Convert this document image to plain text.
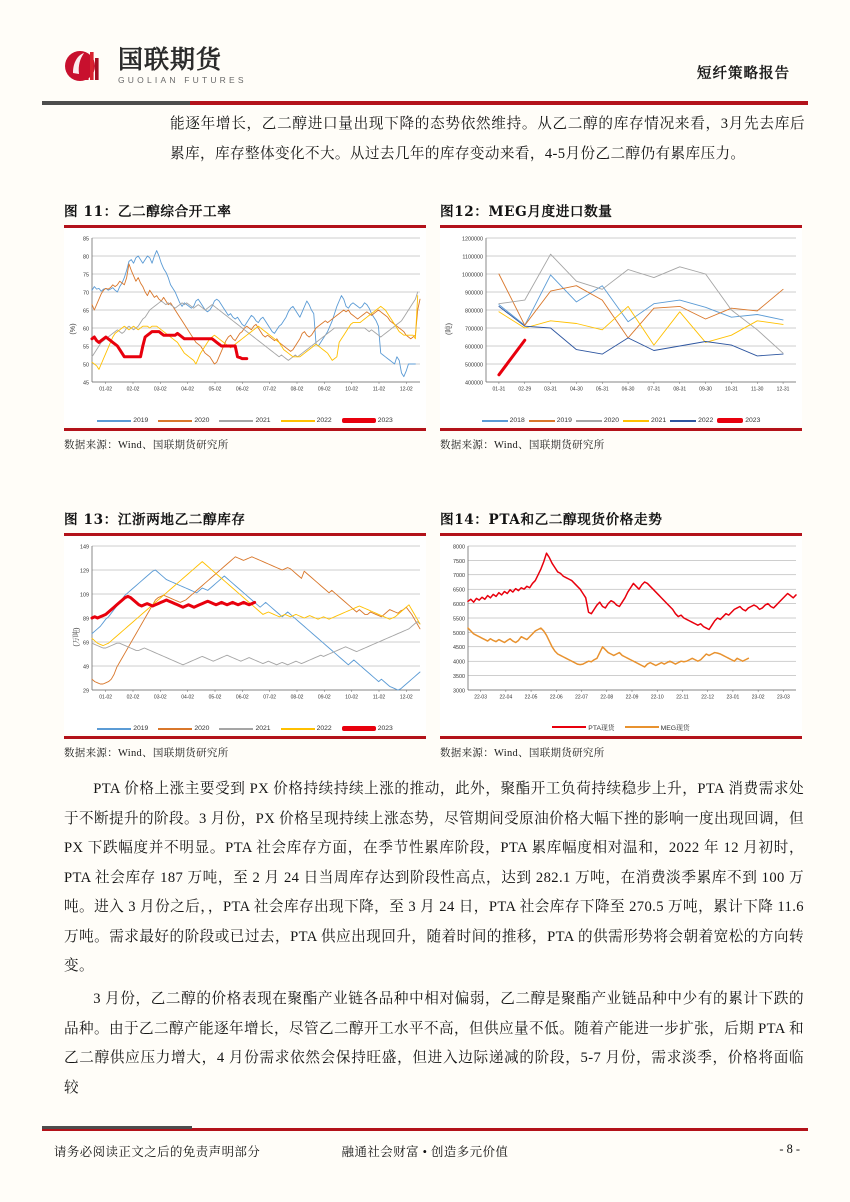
国联期货
GUOLIAN FUTURES	短纤策略报告
能逐年增长，乙二醇进口量出现下降的态势依然维持。从乙二醇的库存情况来看，3月先去库后累库，库存整体变化不大。从过去几年的库存变动来看，4-5月份乙二醇仍有累库压力。
图 11：乙二醇综合开工率
(%)
45
50
55
60
65
70
75
80
85
01-02	02-02	03-02	04-02	05-02	06-02	07-02	08-02	09-02	10-02	11-02	12-02
2019	2020	2021	2022	2023
数据来源：Wind、国联期货研究所
图12：MEG月度进口数量
(吨)
400000
500000
600000
700000
800000
900000
1000000
1100000
1200000
01-31	02-29	03-31	04-30	05-31	06-30	07-31	08-31	09-30	10-31	11-30	12-31
2018	2019	2020	2021	2022	2023
数据来源：Wind、国联期货研究所
图 13：江浙两地乙二醇库存
(万吨)
29
49
69
89
109
129
149
01-02	02-02	03-02	04-02	05-02	06-02	07-02	08-02	09-02	10-02	11-02	12-02
2019	2020	2021	2022	2023
数据来源：Wind、国联期货研究所
图14：PTA和乙二醇现货价格走势
3000
3500
4000
4500
5000
5500
6000
6500
7000
7500
8000
22-03 22-04 22-05 22-06 22-07 22-08 22-09 22-10	22-11	22-12 23-01 23-02 23-03
PTA现货	MEG现货
数据来源：Wind、国联期货研究所
PTA 价格上涨主要受到 PX 价格持续持续上涨的推动，此外，聚酯开工负荷持续稳步上升，PTA 消费需求处于不断提升的阶段。3 月份，PX 价格呈现持续上涨态势，尽管期间受原油价格大幅下挫的影响一度出现回调，但 PX 下跌幅度并不明显。PTA 社会库存方面，在季节性累库阶段，PTA 累库幅度相对温和，2022 年 12 月初时，PTA 社会库存 187 万吨，至 2 月 24 日当周库存达到阶段性高点，达到 282.1 万吨，在消费淡季累库不到 100 万吨。进入 3 月份之后，，PTA 社会库存出现下降，至 3 月 24 日，PTA 社会库存下降至 270.5 万吨，累计下降 11.6 万吨。需求最好的阶段或已过去，PTA 供应出现回升，随着时间的推移，PTA 的供需形势将会朝着宽松的方向转变。
3 月份，乙二醇的价格表现在聚酯产业链各品种中相对偏弱，乙二醇是聚酯产业链品种中少有的累计下跌的品种。由于乙二醇产能逐年增长，尽管乙二醇开工水平不高，但供应量不低。随着产能进一步扩张，后期 PTA 和乙二醇供应压力增大，4 月份需求依然会保持旺盛，但进入边际递减的阶段，5-7 月份，需求淡季，价格将面临较
请务必阅读正文之后的免责声明部分	融通社会财富 • 创造多元价值	- 8 -
